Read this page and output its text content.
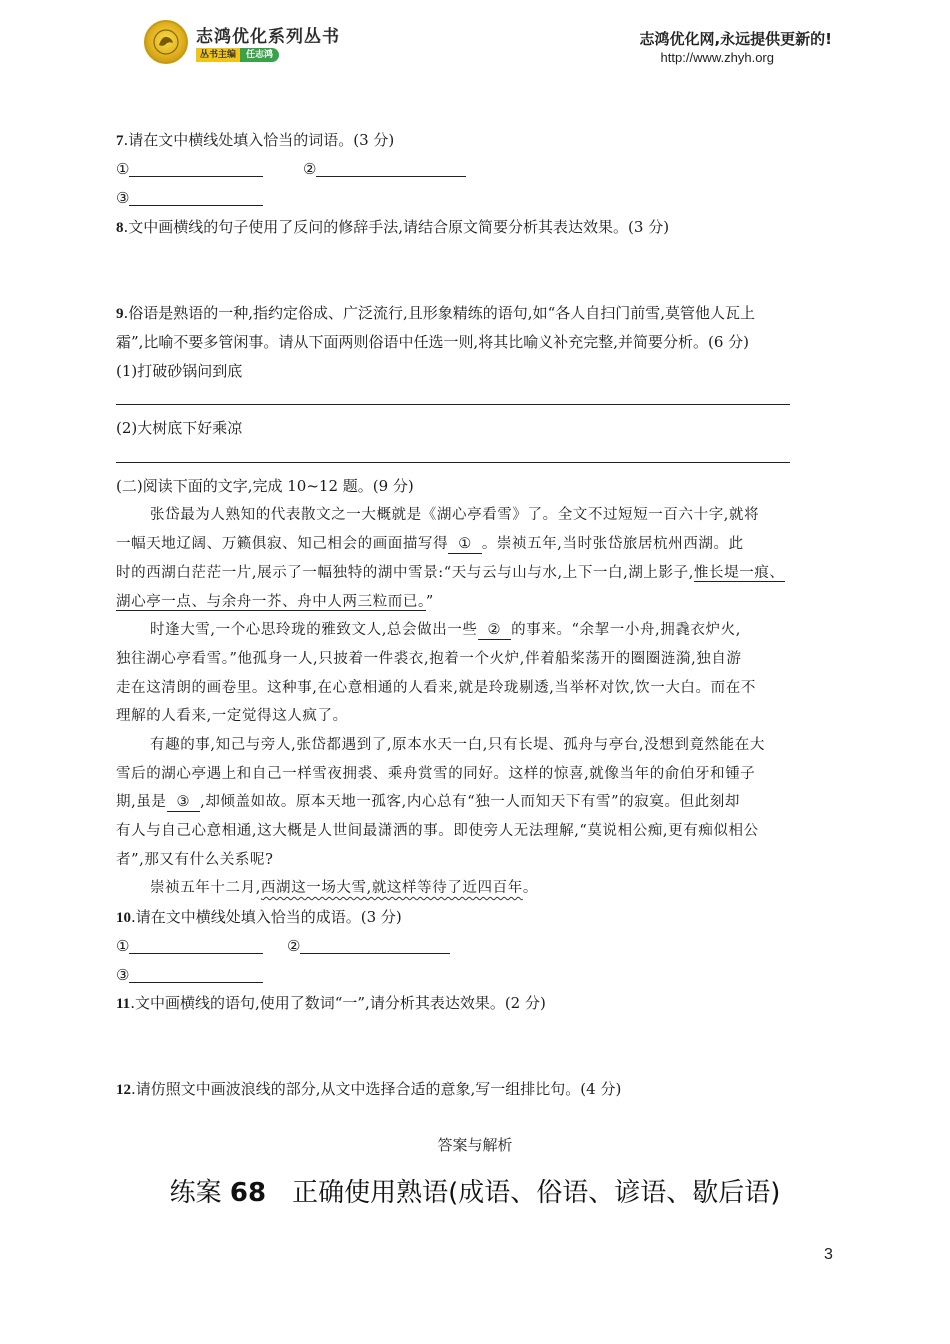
志鸿优化系列丛书
丛书主编	任志鸿
志鸿优化网,永远提供更新的!
http://www.zhyh.org
7.请在文中横线处填入恰当的词语。(3 分)
①	②
③
8.文中画横线的句子使用了反问的修辞手法,请结合原文简要分析其表达效果。(3 分)
9.俗语是熟语的一种,指约定俗成、广泛流行,且形象精练的语句,如“各人自扫门前雪,莫管他人瓦上
霜”,比喻不要多管闲事。请从下面两则俗语中任选一则,将其比喻义补充完整,并简要分析。(6 分)
(1)打破砂锅问到底
(2)大树底下好乘凉
(二)阅读下面的文字,完成 10~12 题。(9 分)
张岱最为人熟知的代表散文之一大概就是《湖心亭看雪》了。全文不过短短一百六十字,就将
一幅天地辽阔、万籁俱寂、知己相会的画面描写得 ① 。崇祯五年,当时张岱旅居杭州西湖。此
时的西湖白茫茫一片,展示了一幅独特的湖中雪景:“天与云与山与水,上下一白,湖上影子,惟长堤一痕、
湖心亭一点、与余舟一芥、舟中人两三粒而已。”
时逢大雪,一个心思玲珑的雅致文人,总会做出一些 ② 的事来。“余挈一小舟,拥毳衣炉火,
独往湖心亭看雪。”他孤身一人,只披着一件裘衣,抱着一个火炉,伴着船桨荡开的圈圈涟漪,独自游
走在这清朗的画卷里。这种事,在心意相通的人看来,就是玲珑剔透,当举杯对饮,饮一大白。而在不
理解的人看来,一定觉得这人疯了。
有趣的事,知己与旁人,张岱都遇到了,原本水天一白,只有长堤、孤舟与亭台,没想到竟然能在大
雪后的湖心亭遇上和自己一样雪夜拥裘、乘舟赏雪的同好。这样的惊喜,就像当年的俞伯牙和锺子
期,虽是 ③ ,却倾盖如故。原本天地一孤客,内心总有“独一人而知天下有雪”的寂寞。但此刻却
有人与自己心意相通,这大概是人世间最潇洒的事。即使旁人无法理解,“莫说相公痴,更有痴似相公
者”,那又有什么关系呢?
崇祯五年十二月,西湖这一场大雪,就这样等待了近四百年。
10.请在文中横线处填入恰当的成语。(3 分)
①	②
③
11.文中画横线的语句,使用了数词“一”,请分析其表达效果。(2 分)
12.请仿照文中画波浪线的部分,从文中选择合适的意象,写一组排比句。(4 分)
答案与解析
练案 68　正确使用熟语(成语、俗语、谚语、歇后语)
3
